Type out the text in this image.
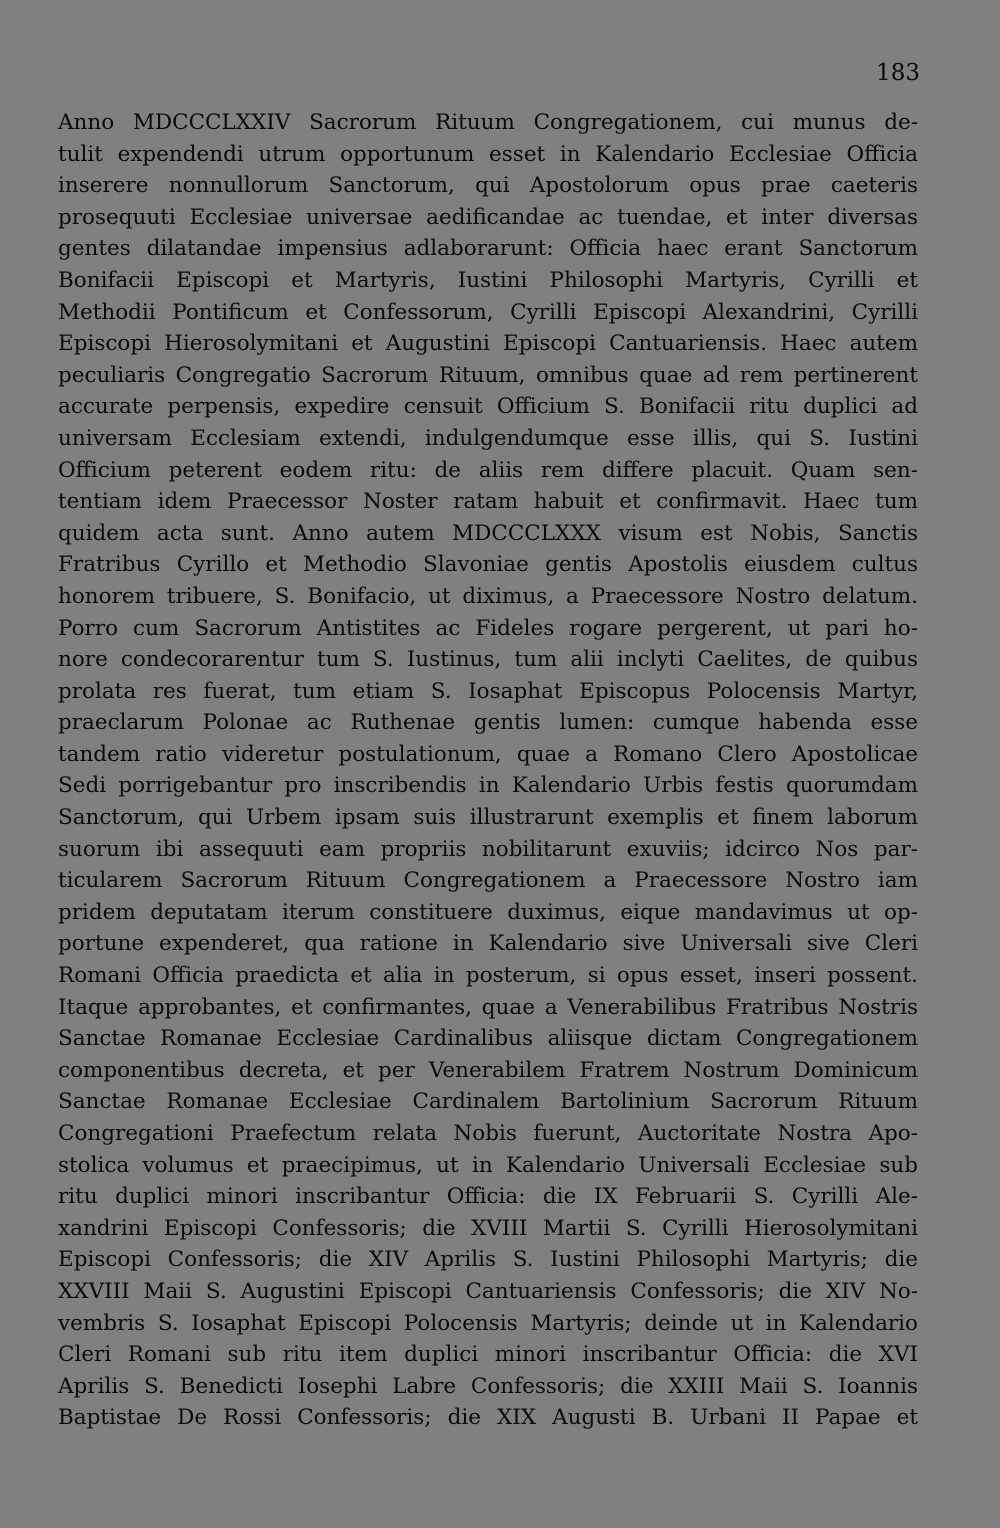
183
Anno MDCCCLXXIV Sacrorum Rituum Congregationem, cui munus de-
tulit expendendi utrum opportunum esset in Kalendario Ecclesiae Officia
inserere nonnullorum Sanctorum, qui Apostolorum opus prae caeteris
prosequuti Ecclesiae universae aedificandae ac tuendae, et inter diversas
gentes dilatandae impensius adlaborarunt: Officia haec erant Sanctorum
Bonifacii Episcopi et Martyris, Iustini Philosophi Martyris, Cyrilli et
Methodii Pontificum et Confessorum, Cyrilli Episcopi Alexandrini, Cyrilli
Episcopi Hierosolymitani et Augustini Episcopi Cantuariensis. Haec autem
peculiaris Congregatio Sacrorum Rituum, omnibus quae ad rem pertinerent
accurate perpensis, expedire censuit Officium S. Bonifacii ritu duplici ad
universam Ecclesiam extendi, indulgendumque esse illis, qui S. Iustini
Officium peterent eodem ritu: de aliis rem differe placuit. Quam sen-
tentiam idem Praecessor Noster ratam habuit et confirmavit. Haec tum
quidem acta sunt. Anno autem MDCCCLXXX visum est Nobis, Sanctis
Fratribus Cyrillo et Methodio Slavoniae gentis Apostolis eiusdem cultus
honorem tribuere, S. Bonifacio, ut diximus, a Praecessore Nostro delatum.
Porro cum Sacrorum Antistites ac Fideles rogare pergerent, ut pari ho-
nore condecorarentur tum S. Iustinus, tum alii inclyti Caelites, de quibus
prolata res fuerat, tum etiam S. Iosaphat Episcopus Polocensis Martyr,
praeclarum Polonae ac Ruthenae gentis lumen: cumque habenda esse
tandem ratio videretur postulationum, quae a Romano Clero Apostolicae
Sedi porrigebantur pro inscribendis in Kalendario Urbis festis quorumdam
Sanctorum, qui Urbem ipsam suis illustrarunt exemplis et finem laborum
suorum ibi assequuti eam propriis nobilitarunt exuviis; idcirco Nos par-
ticularem Sacrorum Rituum Congregationem a Praecessore Nostro iam
pridem deputatam iterum constituere duximus, eique mandavimus ut op-
portune expenderet, qua ratione in Kalendario sive Universali sive Cleri
Romani Officia praedicta et alia in posterum, si opus esset, inseri possent.
Itaque approbantes, et confirmantes, quae a Venerabilibus Fratribus Nostris
Sanctae Romanae Ecclesiae Cardinalibus aliisque dictam Congregationem
componentibus decreta, et per Venerabilem Fratrem Nostrum Dominicum
Sanctae Romanae Ecclesiae Cardinalem Bartolinium Sacrorum Rituum
Congregationi Praefectum relata Nobis fuerunt, Auctoritate Nostra Apo-
stolica volumus et praecipimus, ut in Kalendario Universali Ecclesiae sub
ritu duplici minori inscribantur Officia: die IX Februarii S. Cyrilli Ale-
xandrini Episcopi Confessoris; die XVIII Martii S. Cyrilli Hierosolymitani
Episcopi Confessoris; die XIV Aprilis S. Iustini Philosophi Martyris; die
XXVIII Maii S. Augustini Episcopi Cantuariensis Confessoris; die XIV No-
vembris S. Iosaphat Episcopi Polocensis Martyris; deinde ut in Kalendario
Cleri Romani sub ritu item duplici minori inscribantur Officia: die XVI
Aprilis S. Benedicti Iosephi Labre Confessoris; die XXIII Maii S. Ioannis
Baptistae De Rossi Confessoris; die XIX Augusti B. Urbani II Papae et
